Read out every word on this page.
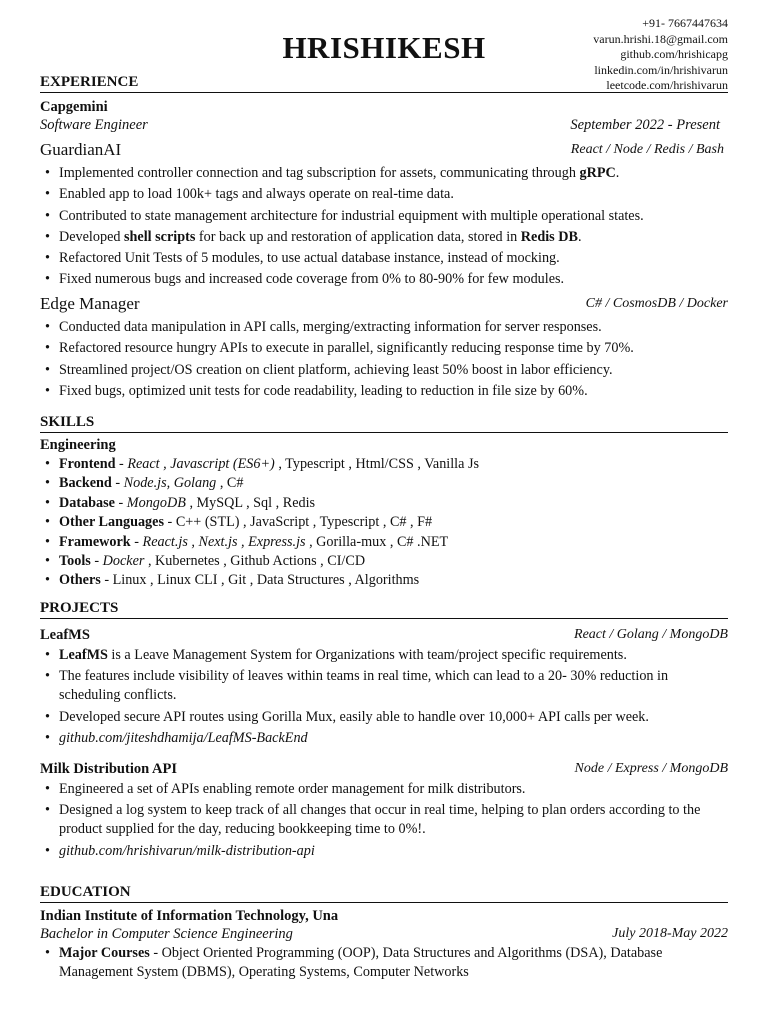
HRISHIKESH
+91- 7667447634
varun.hrishi.18@gmail.com
github.com/hrishicapg
linkedin.com/in/hrishivarun
leetcode.com/hrishivarun
EXPERIENCE
Capgemini
Software Engineer	September 2022 - Present
GuardianAI	React / Node / Redis / Bash
• Implemented controller connection and tag subscription for assets, communicating through gRPC.
• Enabled app to load 100k+ tags and always operate on real-time data.
• Contributed to state management architecture for industrial equipment with multiple operational states.
• Developed shell scripts for back up and restoration of application data, stored in Redis DB.
• Refactored Unit Tests of 5 modules, to use actual database instance, instead of mocking.
• Fixed numerous bugs and increased code coverage from 0% to 80-90% for few modules.
Edge Manager	C# / CosmosDB / Docker
• Conducted data manipulation in API calls, merging/extracting information for server responses.
• Refactored resource hungry APIs to execute in parallel, significantly reducing response time by 70%.
• Streamlined project/OS creation on client platform, achieving least 50% boost in labor efficiency.
• Fixed bugs, optimized unit tests for code readability, leading to reduction in file size by 60%.
SKILLS
Engineering
• Frontend - React , Javascript (ES6+) , Typescript , Html/CSS , Vanilla Js
• Backend - Node.js, Golang , C#
• Database - MongoDB , MySQL , Sql , Redis
• Other Languages - C++ (STL) , JavaScript , Typescript , C# , F#
• Framework - React.js , Next.js , Express.js , Gorilla-mux , C# .NET
• Tools - Docker , Kubernetes , Github Actions , CI/CD
• Others - Linux , Linux CLI , Git , Data Structures , Algorithms
PROJECTS
LeafMS	React / Golang / MongoDB
• LeafMS is a Leave Management System for Organizations with team/project specific requirements.
• The features include visibility of leaves within teams in real time, which can lead to a 20- 30% reduction in scheduling conflicts.
• Developed secure API routes using Gorilla Mux, easily able to handle over 10,000+ API calls per week.
• github.com/jiteshdhamija/LeafMS-BackEnd
Milk Distribution API	Node / Express / MongoDB
• Engineered a set of APIs enabling remote order management for milk distributors.
• Designed a log system to keep track of all changes that occur in real time, helping to plan orders according to the product supplied for the day, reducing bookkeeping time to 0%!.
• github.com/hrishivarun/milk-distribution-api
EDUCATION
Indian Institute of Information Technology, Una
Bachelor in Computer Science Engineering	July 2018-May 2022
• Major Courses - Object Oriented Programming (OOP), Data Structures and Algorithms (DSA), Database Management System (DBMS), Operating Systems, Computer Networks
